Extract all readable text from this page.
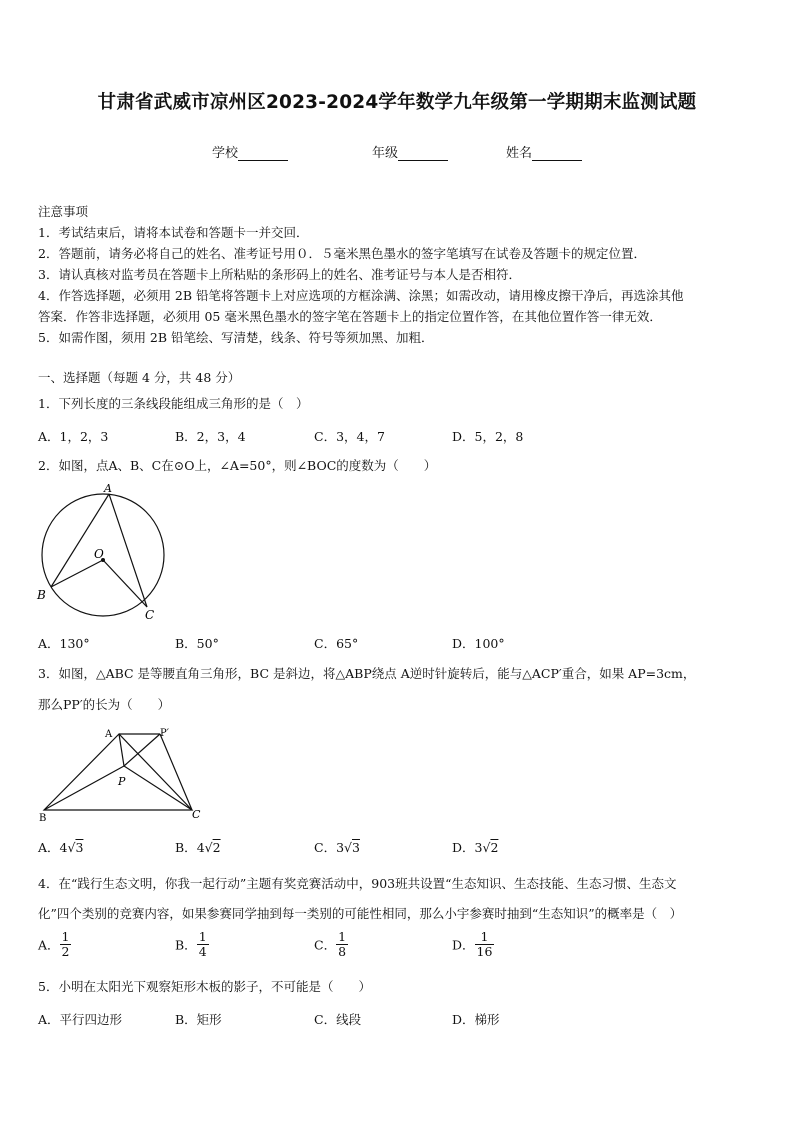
甘肃省武威市凉州区2023-2024学年数学九年级第一学期期末监测试题
学校	年级	姓名
注意事项
1．考试结束后，请将本试卷和答题卡一并交回．
2．答题前，请务必将自己的姓名、准考证号用０．５毫米黑色墨水的签字笔填写在试卷及答题卡的规定位置．
3．请认真核对监考员在答题卡上所粘贴的条形码上的姓名、准考证号与本人是否相符．
4．作答选择题，必须用 2B 铅笔将答题卡上对应选项的方框涂满、涂黑；如需改动，请用橡皮擦干净后，再选涂其他
答案．作答非选择题，必须用 05 毫米黑色墨水的签字笔在答题卡上的指定位置作答，在其他位置作答一律无效．
5．如需作图，须用 2B 铅笔绘、写清楚，线条、符号等须加黑、加粗．
一、选择题（每题 4 分，共 48 分）
1．下列长度的三条线段能组成三角形的是（　）
A．1，2，3	B．2，3，4	C．3，4，7	D．5，2，8
2．如图，点A、B、C在⊙O上，∠A=50°，则∠BOC的度数为（　　）
A
O
B
C
A．130°	B．50°	C．65°	D．100°
3．如图，△ABC 是等腰直角三角形，BC 是斜边，将△ABP绕点 A逆时针旋转后，能与△ACP′重合，如果 AP=3cm，
那么PP′的长为（　　）
A	P′
P
B	C
A．4√3	B．4√2	C．3√3	D．3√2
4．在“践行生态文明，你我一起行动”主题有奖竞赛活动中，903班共设置“生态知识、生态技能、生态习惯、生态文
化”四个类别的竞赛内容，如果参赛同学抽到每一类别的可能性相同，那么小宇参赛时抽到“生态知识”的概率是（　）
A． $\frac{1}{2}$	B． $\frac{1}{4}$	C． $\frac{1}{8}$	D． $\frac{1}{16}$
5．小明在太阳光下观察矩形木板的影子，不可能是（　　）
A．平行四边形	B．矩形	C．线段	D．梯形
